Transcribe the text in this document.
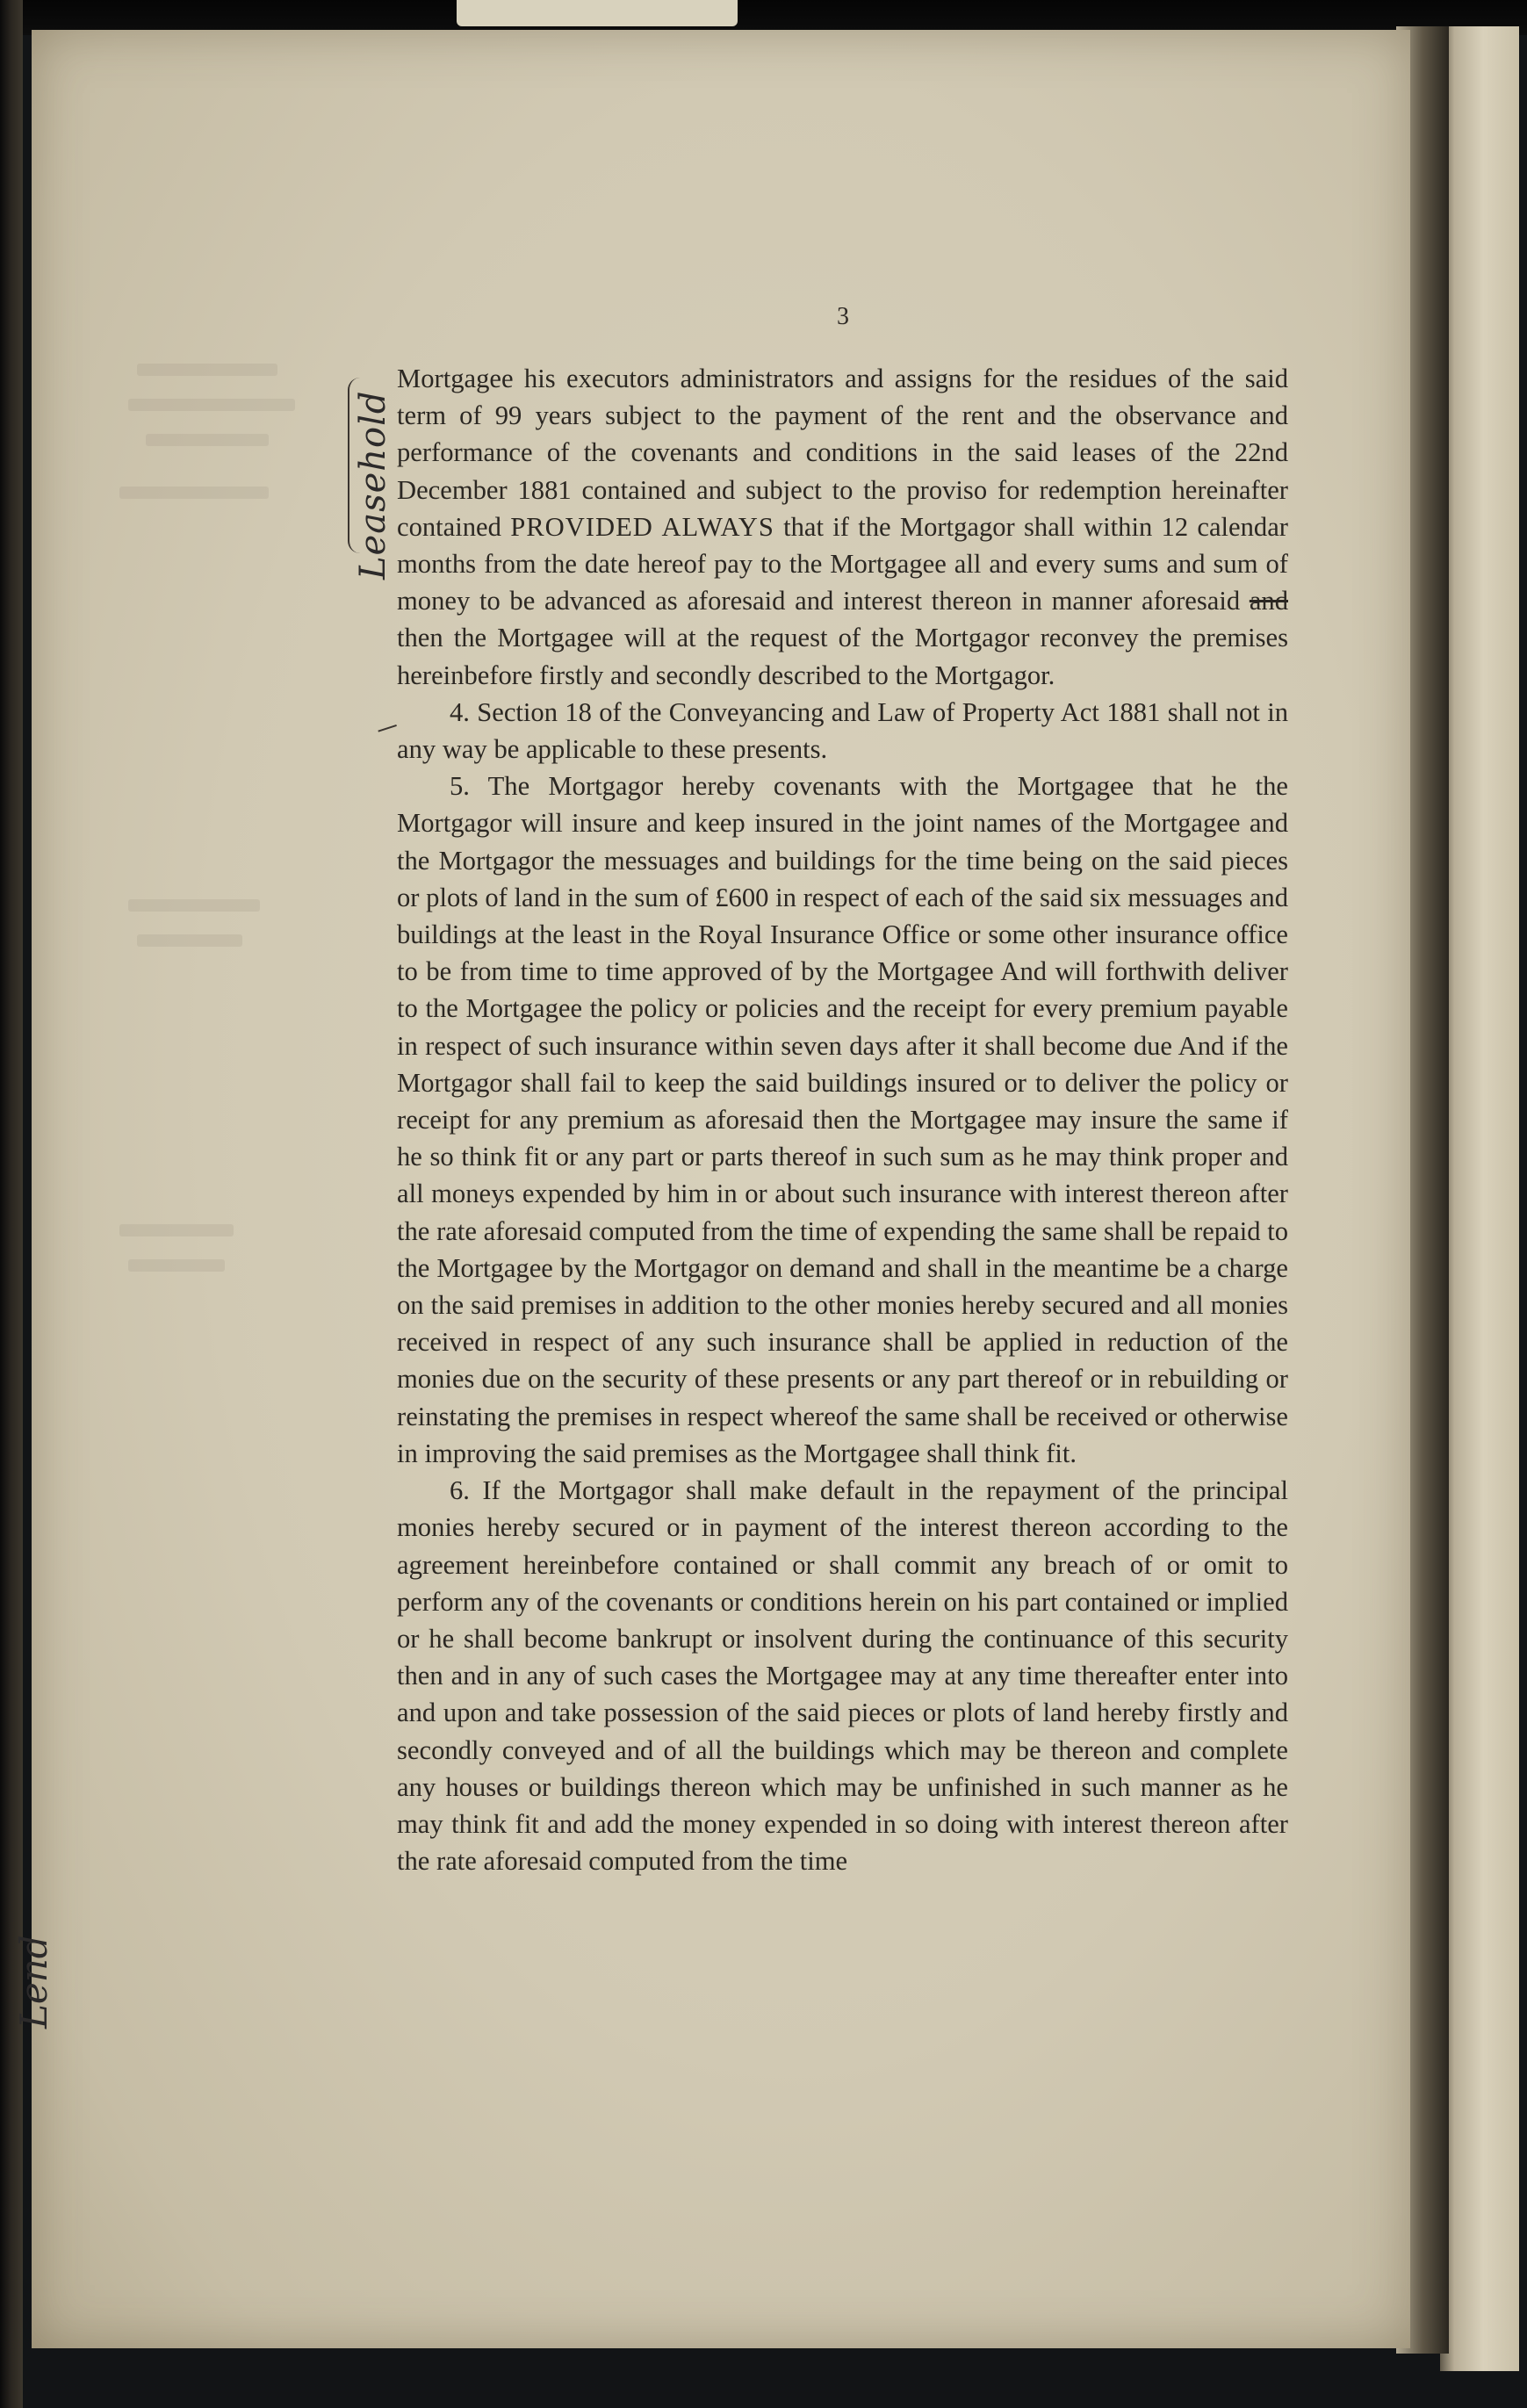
3
Leasehold
Lend

Mortgagee his executors administrators and assigns for the residues of the said term of 99 years subject to the payment of the rent and the observance and performance of the covenants and conditions in the said leases of the 22nd December 1881 contained and subject to the proviso for redemption hereinafter contained PROVIDED ALWAYS that if the Mortgagor shall within 12 calendar months from the date hereof pay to the Mortgagee all and every sums and sum of money to be advanced as aforesaid and interest thereon in manner aforesaid and then the Mortgagee will at the request of the Mortgagor reconvey the premises hereinbefore firstly and secondly described to the Mortgagor.

4. Section 18 of the Conveyancing and Law of Property Act 1881 shall not in any way be applicable to these presents.

5. The Mortgagor hereby covenants with the Mortgagee that he the Mortgagor will insure and keep insured in the joint names of the Mortgagee and the Mortgagor the messuages and buildings for the time being on the said pieces or plots of land in the sum of £600 in respect of each of the said six messuages and buildings at the least in the Royal Insurance Office or some other insurance office to be from time to time approved of by the Mortgagee And will forthwith deliver to the Mortgagee the policy or policies and the receipt for every premium payable in respect of such insurance within seven days after it shall become due And if the Mortgagor shall fail to keep the said buildings insured or to deliver the policy or receipt for any premium as aforesaid then the Mortgagee may insure the same if he so think fit or any part or parts thereof in such sum as he may think proper and all moneys expended by him in or about such insurance with interest thereon after the rate aforesaid computed from the time of expending the same shall be repaid to the Mortgagee by the Mortgagor on demand and shall in the meantime be a charge on the said premises in addition to the other monies hereby secured and all monies received in respect of any such insurance shall be applied in reduction of the monies due on the security of these presents or any part thereof or in rebuilding or reinstating the premises in respect whereof the same shall be received or otherwise in improving the said premises as the Mortgagee shall think fit.

6. If the Mortgagor shall make default in the repayment of the principal monies hereby secured or in payment of the interest thereon according to the agreement hereinbefore contained or shall commit any breach of or omit to perform any of the covenants or conditions herein on his part contained or implied or he shall become bankrupt or insolvent during the continuance of this security then and in any of such cases the Mortgagee may at any time thereafter enter into and upon and take possession of the said pieces or plots of land hereby firstly and secondly conveyed and of all the buildings which may be thereon and complete any houses or buildings thereon which may be unfinished in such manner as he may think fit and add the money expended in so doing with interest thereon after the rate aforesaid computed from the time
